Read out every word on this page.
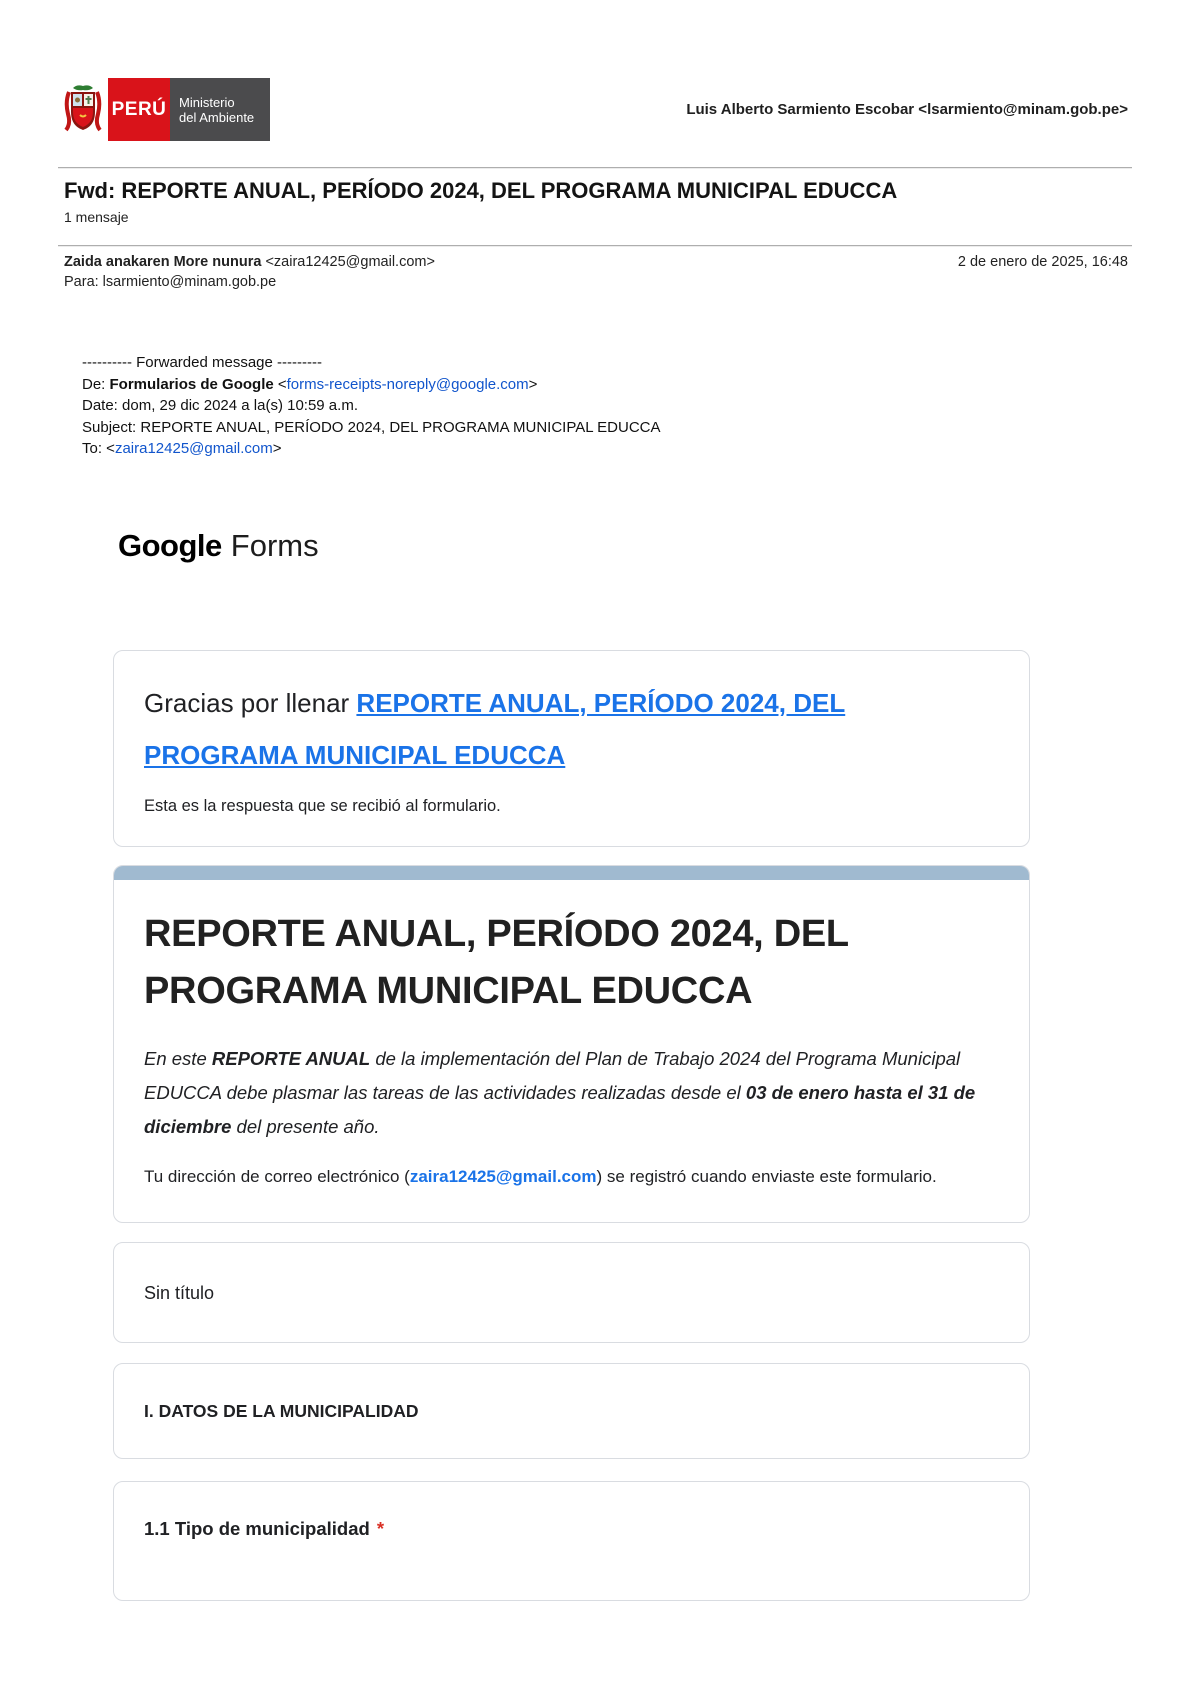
PERÚ Ministerio
del Ambiente	Luis Alberto Sarmiento Escobar <lsarmiento@minam.gob.pe>
Fwd: REPORTE ANUAL, PERÍODO 2024, DEL PROGRAMA MUNICIPAL EDUCCA
1 mensaje
Zaida anakaren More nunura <zaira12425@gmail.com>	2 de enero de 2025, 16:48
Para: lsarmiento@minam.gob.pe
---------- Forwarded message ---------
De: Formularios de Google <forms-receipts-noreply@google.com>
Date: dom, 29 dic 2024 a la(s) 10:59 a.m.
Subject: REPORTE ANUAL, PERÍODO 2024, DEL PROGRAMA MUNICIPAL EDUCCA
To: <zaira12425@gmail.com>
Google Forms
Gracias por llenar REPORTE ANUAL, PERÍODO 2024, DEL PROGRAMA MUNICIPAL EDUCCA
Esta es la respuesta que se recibió al formulario.
REPORTE ANUAL, PERÍODO 2024, DEL PROGRAMA MUNICIPAL EDUCCA
En este REPORTE ANUAL de la implementación del Plan de Trabajo 2024 del Programa Municipal EDUCCA debe plasmar las tareas de las actividades realizadas desde el 03 de enero hasta el 31 de diciembre del presente año.
Tu dirección de correo electrónico (zaira12425@gmail.com) se registró cuando enviaste este formulario.
Sin título
I. DATOS DE LA MUNICIPALIDAD
1.1 Tipo de municipalidad *
